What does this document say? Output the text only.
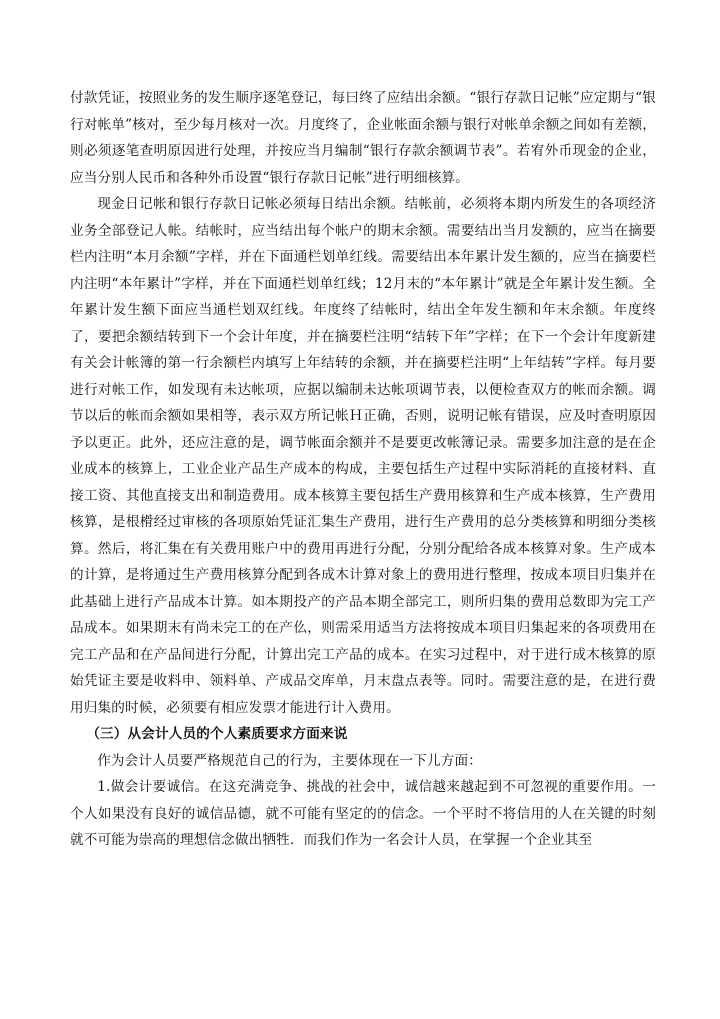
付款凭证，按照业务的发生顺序逐笔登记，每曰终了应结出余额。“银行存款日记帐”应定期与“银行对帐单”核对，至少每月核对一次。月度终了，企业帐面余额与银行对帐单余额之间如有差额，则必须逐笔查明原因进行处理，并按应当月编制“银行存款余额调节表”。若宥外币现金的企业，应当分别人民币和各种外币设置“银行存款日记帐”进行明细核算。

现金日记帐和银行存款日记帐必须每日结出余额。结帐前，必须将本期内所发生的各项经济业务全部登记人帐。结帐时，应当结出每个帐户的期末余额。需要结出当月发额的，应当在摘要栏内注明“本月余额”字样，并在下面通栏划单红线。需要结出本年累计发生额的，应当在摘要栏内注明“本年累计”字样，并在下面通栏划单红线；12月末的“本年累计”就是全年累计发生额。全年累计发生额下面应当通栏划双红线。年度终了结帐时，结出全年发生额和年末余额。年度终了，要把余额结转到下一个会计年度，并在摘要栏注明“结转下年”字样；在下一个会计年度新建有关会计帐簿的第一行余额栏内填写上年结转的余额，并在摘要栏注明“上年结转”字样。每月要进行对帐工作，如发现有未达帐项，应据以编制未达帐项调节表，以便检查双方的帐而余额。调节以后的帐而余额如果相等，表示双方所记帐Ｈ正确，否则，说明记帐有错误，应及吋查明原因予以更正。此外，还应注意的是，调节帐面余额并不是要更改帐簿记录。需要多加注意的是在企业成本的核算上，工业企业产品生产成本的构成，主要包括生产过程中实际消耗的直接材料、直接工资、其他直接支出和制造费用。成本核算主要包括生产费用核算和生产成本核算，生产费用核算，是根榾经过审核的各项原始凭证汇集生产费用，进行生产费用的总分类核算和明细分类核算。然后，将汇集在有关费用账户中的费用再进行分配，分别分配给各成本核算对象。生产成本的计算，是将通过生产费用核算分配到各成木计算对象上的费用进行整理，按成本项目归集并在此基础上进行产品成本计算。如本期投产的产品本期全部完工，则所归集的费用总数即为完工产品成本。如果期末有尚未完工的在产仫，则需采用适当方法将按成本项目归集起来的各项费用在完工产品和在产品间进行分配，计算出完工产品的成本。在实习过程中，对于进行成木核算的原始凭证主要是收料申、领料单、产成品交库单，月末盘点表等。同时。需要注意的是，在进行费用归集的时候，必须要有相应发票才能进行计入费用。

（三）从会计人员的个人素质要求方面来说

作为会计人员要严格规范自己的行为，主要体现在一下儿方面：

1.做会计要诚信。在这充满竞争、挑战的社会中，诚信越来越起到不可忽视的重要作用。一个人如果没有良好的诚信品德，就不可能有坚定的的信念。一个平时不将信用的人在关键的时刻就不可能为崇高的理想信念做出牺牲．而我们作为一名会计人员，在掌握一个企业其至
